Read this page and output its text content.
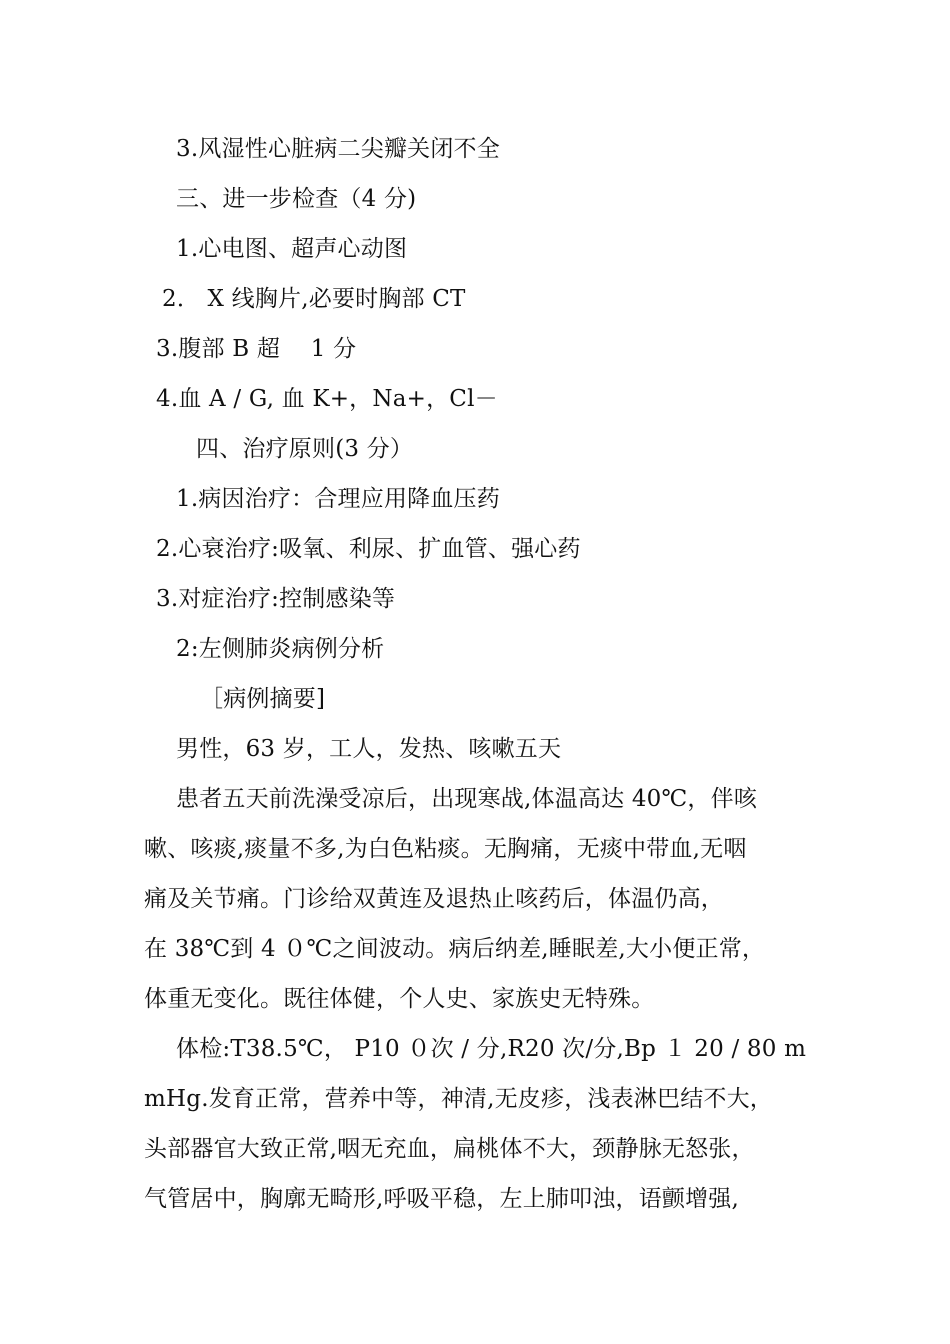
3.风湿性心脏病二尖瓣关闭不全
三、进一步检查（4 分)
1.心电图、超声心动图
2． X 线胸片,必要时胸部 CT
3.腹部 B 超　 1 分
4.血 A / G, 血 K+，Na+，Cl－
四、治疗原则(3 分）
1.病因治疗：合理应用降血压药
2.心衰治疗:吸氧、利尿、扩血管、强心药
3.对症治疗:控制感染等
2:左侧肺炎病例分析
［病例摘要]
男性，63 岁，工人，发热、咳嗽五天
患者五天前洗澡受凉后，出现寒战,体温高达 40℃，伴咳
嗽、咳痰,痰量不多,为白色粘痰。无胸痛，无痰中带血,无咽
痛及关节痛。门诊给双黄连及退热止咳药后，体温仍高，
在 38℃到 4 ０℃之间波动。病后纳差,睡眠差,大小便正常，
体重无变化。既往体健，个人史、家族史无特殊。
体检:T38.5℃， P10 ０次 / 分,R20 次/分,Bp １ 20 / 80 m
mHg.发育正常，营养中等，神清,无皮疹，浅表淋巴结不大，
头部器官大致正常,咽无充血，扁桃体不大，颈静脉无怒张，
气管居中，胸廓无畸形,呼吸平稳，左上肺叩浊，语颤增强,
